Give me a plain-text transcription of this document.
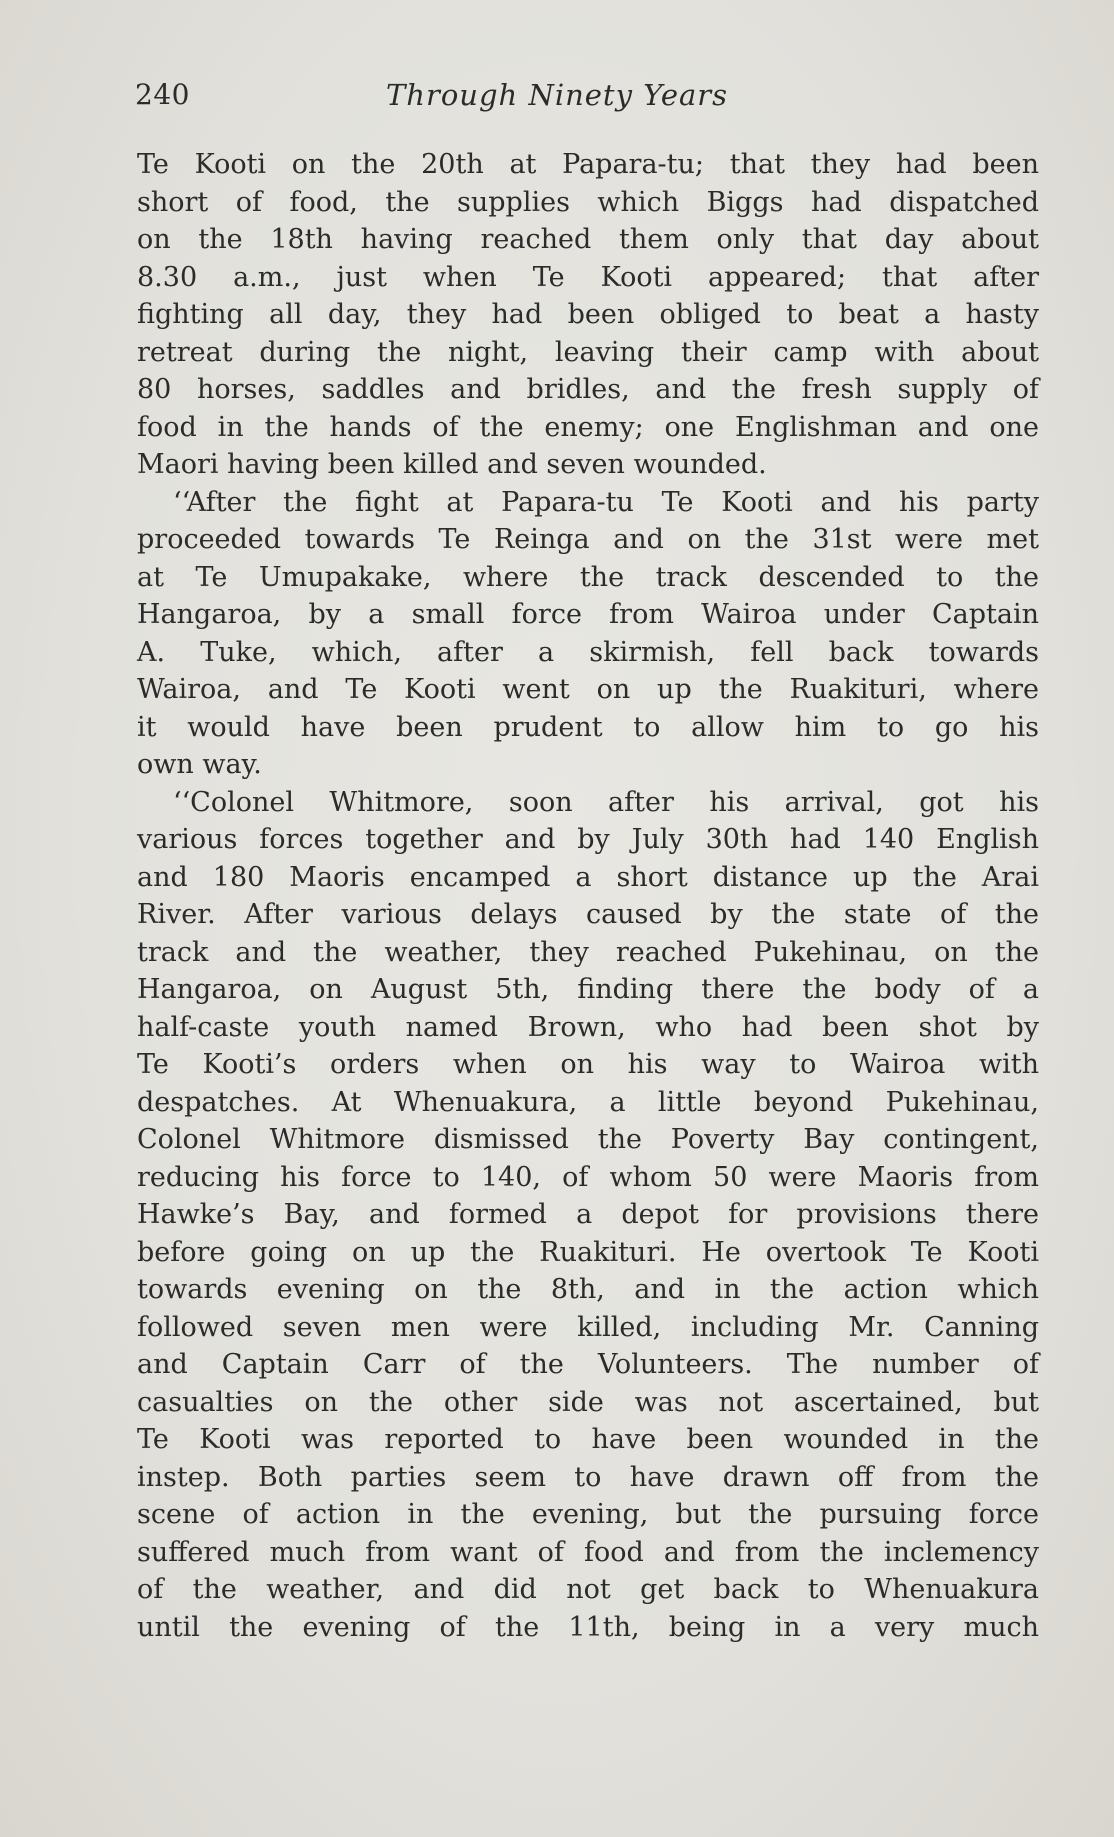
240	Through Ninety Years
Te Kooti on the 20th at Papara-tu; that they had been
short of food, the supplies which Biggs had dispatched
on the 18th having reached them only that day about
8.30 a.m., just when Te Kooti appeared; that after
fighting all day, they had been obliged to beat a hasty
retreat during the night, leaving their camp with about
80 horses, saddles and bridles, and the fresh supply of
food in the hands of the enemy; one Englishman and one
Maori having been killed and seven wounded.
‘‘After the fight at Papara-tu Te Kooti and his party
proceeded towards Te Reinga and on the 31st were met
at Te Umupakake, where the track descended to the
Hangaroa, by a small force from Wairoa under Captain
A. Tuke, which, after a skirmish, fell back towards
Wairoa, and Te Kooti went on up the Ruakituri, where
it would have been prudent to allow him to go his
own way.
‘‘Colonel Whitmore, soon after his arrival, got his
various forces together and by July 30th had 140 English
and 180 Maoris encamped a short distance up the Arai
River. After various delays caused by the state of the
track and the weather, they reached Pukehinau, on the
Hangaroa, on August 5th, finding there the body of a
half-caste youth named Brown, who had been shot by
Te Kooti’s orders when on his way to Wairoa with
despatches. At Whenuakura, a little beyond Pukehinau,
Colonel Whitmore dismissed the Poverty Bay contingent,
reducing his force to 140, of whom 50 were Maoris from
Hawke’s Bay, and formed a depot for provisions there
before going on up the Ruakituri. He overtook Te Kooti
towards evening on the 8th, and in the action which
followed seven men were killed, including Mr. Canning
and Captain Carr of the Volunteers. The number of
casualties on the other side was not ascertained, but
Te Kooti was reported to have been wounded in the
instep. Both parties seem to have drawn off from the
scene of action in the evening, but the pursuing force
suffered much from want of food and from the inclemency
of the weather, and did not get back to Whenuakura
until the evening of the 11th, being in a very much
